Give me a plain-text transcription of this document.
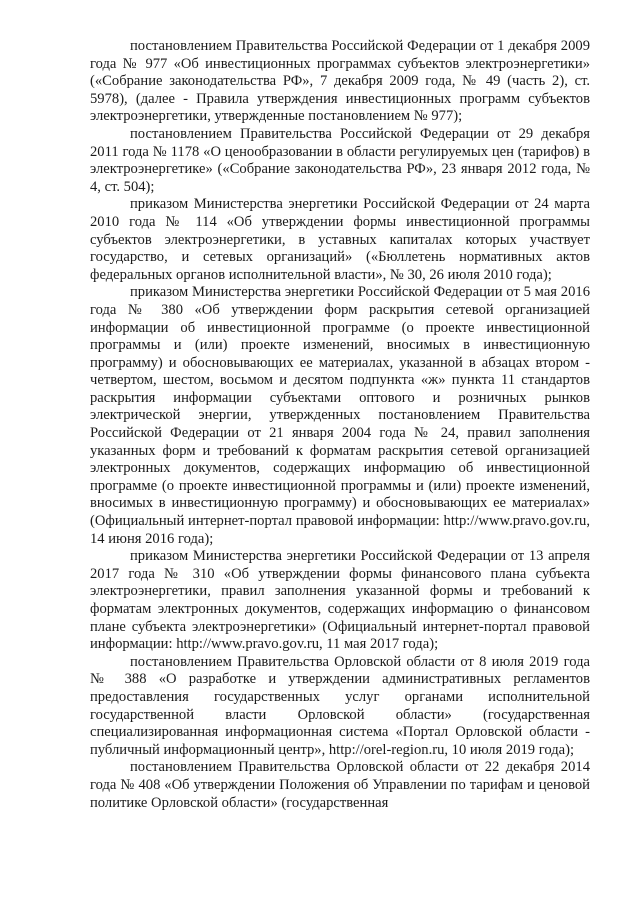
постановлением Правительства Российской Федерации от 1 декабря 2009 года № 977 «Об инвестиционных программах субъектов электроэнергетики» («Собрание законодательства РФ», 7 декабря 2009 года, № 49 (часть 2), ст. 5978), (далее - Правила утверждения инвестиционных программ субъектов электроэнергетики, утвержденные постановлением № 977);

постановлением Правительства Российской Федерации от 29 декабря 2011 года № 1178 «О ценообразовании в области регулируемых цен (тарифов) в электроэнергетике» («Собрание законодательства РФ», 23 января 2012 года, № 4, ст. 504);

приказом Министерства энергетики Российской Федерации от 24 марта 2010 года № 114 «Об утверждении формы инвестиционной программы субъектов электроэнергетики, в уставных капиталах которых участвует государство, и сетевых организаций» («Бюллетень нормативных актов федеральных органов исполнительной власти», № 30, 26 июля 2010 года);

приказом Министерства энергетики Российской Федерации от 5 мая 2016 года № 380 «Об утверждении форм раскрытия сетевой организацией информации об инвестиционной программе (о проекте инвестиционной программы и (или) проекте изменений, вносимых в инвестиционную программу) и обосновывающих ее материалах, указанной в абзацах втором - четвертом, шестом, восьмом и десятом подпункта «ж» пункта 11 стандартов раскрытия информации субъектами оптового и розничных рынков электрической энергии, утвержденных постановлением Правительства Российской Федерации от 21 января 2004 года № 24, правил заполнения указанных форм и требований к форматам раскрытия сетевой организацией электронных документов, содержащих информацию об инвестиционной программе (о проекте инвестиционной программы и (или) проекте изменений, вносимых в инвестиционную программу) и обосновывающих ее материалах» (Официальный интернет-портал правовой информации: http://www.pravo.gov.ru, 14 июня 2016 года);

приказом Министерства энергетики Российской Федерации от 13 апреля 2017 года № 310 «Об утверждении формы финансового плана субъекта электроэнергетики, правил заполнения указанной формы и требований к форматам электронных документов, содержащих информацию о финансовом плане субъекта электроэнергетики» (Официальный интернет-портал правовой информации: http://www.pravo.gov.ru, 11 мая 2017 года);

постановлением Правительства Орловской области от 8 июля 2019 года № 388 «О разработке и утверждении административных регламентов предоставления государственных услуг органами исполнительной государственной власти Орловской области» (государственная специализированная информационная система «Портал Орловской области - публичный информационный центр», http://orel-region.ru, 10 июля 2019 года);

постановлением Правительства Орловской области от 22 декабря 2014 года № 408 «Об утверждении Положения об Управлении по тарифам и ценовой политике Орловской области» (государственная
